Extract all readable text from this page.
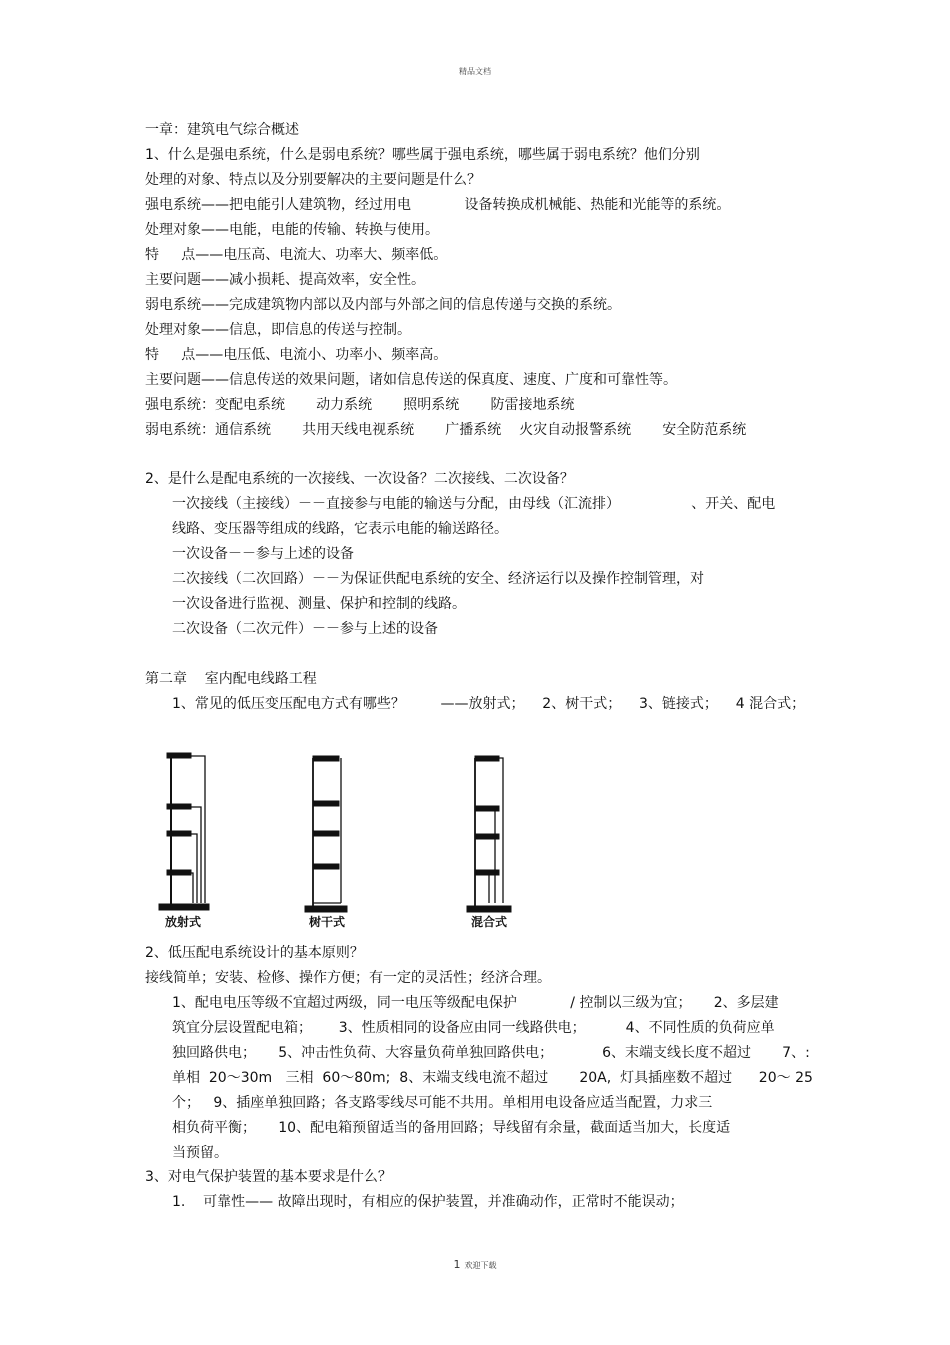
精品文档
一章：建筑电气综合概述
1、什么是强电系统，什么是弱电系统？哪些属于强电系统，哪些属于弱电系统？他们分别
处理的对象、特点以及分别要解决的主要问题是什么？
强电系统——把电能引人建筑物，经过用电            设备转换成机械能、热能和光能等的系统。
处理对象——电能，电能的传输、转换与使用。
特     点——电压高、电流大、功率大、频率低。
主要问题——减小损耗、提高效率，安全性。
弱电系统——完成建筑物内部以及内部与外部之间的信息传递与交换的系统。
处理对象——信息，即信息的传送与控制。
特     点——电压低、电流小、功率小、频率高。
主要问题——信息传送的效果问题，诸如信息传送的保真度、速度、广度和可靠性等。
强电系统：变配电系统       动力系统       照明系统       防雷接地系统
弱电系统：通信系统       共用天线电视系统       广播系统    火灾自动报警系统       安全防范系统
2、是什么是配电系统的一次接线、一次设备？二次接线、二次设备？
一次接线（主接线）－－直接参与电能的输送与分配，由母线（汇流排）                、开关、配电
线路、变压器等组成的线路，它表示电能的输送路径。
一次设备－－参与上述的设备
二次接线（二次回路）－－为保证供配电系统的安全、经济运行以及操作控制管理，对
一次设备进行监视、测量、保护和控制的线路。
二次设备（二次元件）－－参与上述的设备
第二章    室内配电线路工程
1、常见的低压变压配电方式有哪些？        ——放射式；    2、树干式；    3、链接式；    4 混合式；
放射式	树干式	混合式
2、低压配电系统设计的基本原则？
接线简单；安装、检修、操作方便；有一定的灵活性；经济合理。
1、配电电压等级不宜超过两级，同一电压等级配电保护            / 控制以三级为宜；     2、多层建
筑宜分层设置配电箱；      3、性质相同的设备应由同一线路供电；         4、不同性质的负荷应单
独回路供电；     5、冲击性负荷、大容量负荷单独回路供电；           6、末端支线长度不超过       7、:
单相  20～30m   三相  60～80m;  8、末端支线电流不超过       20A,  灯具插座数不超过      20～ 25
个；   9、插座单独回路；各支路零线尽可能不共用。单相用电设备应适当配置，力求三
相负荷平衡；     10、配电箱预留适当的备用回路；导线留有余量，截面适当加大，长度适
当预留。
3、对电气保护装置的基本要求是什么？
1.    可靠性—— 故障出现时，有相应的保护装置，并准确动作，正常时不能误动；
1 欢迎下载
